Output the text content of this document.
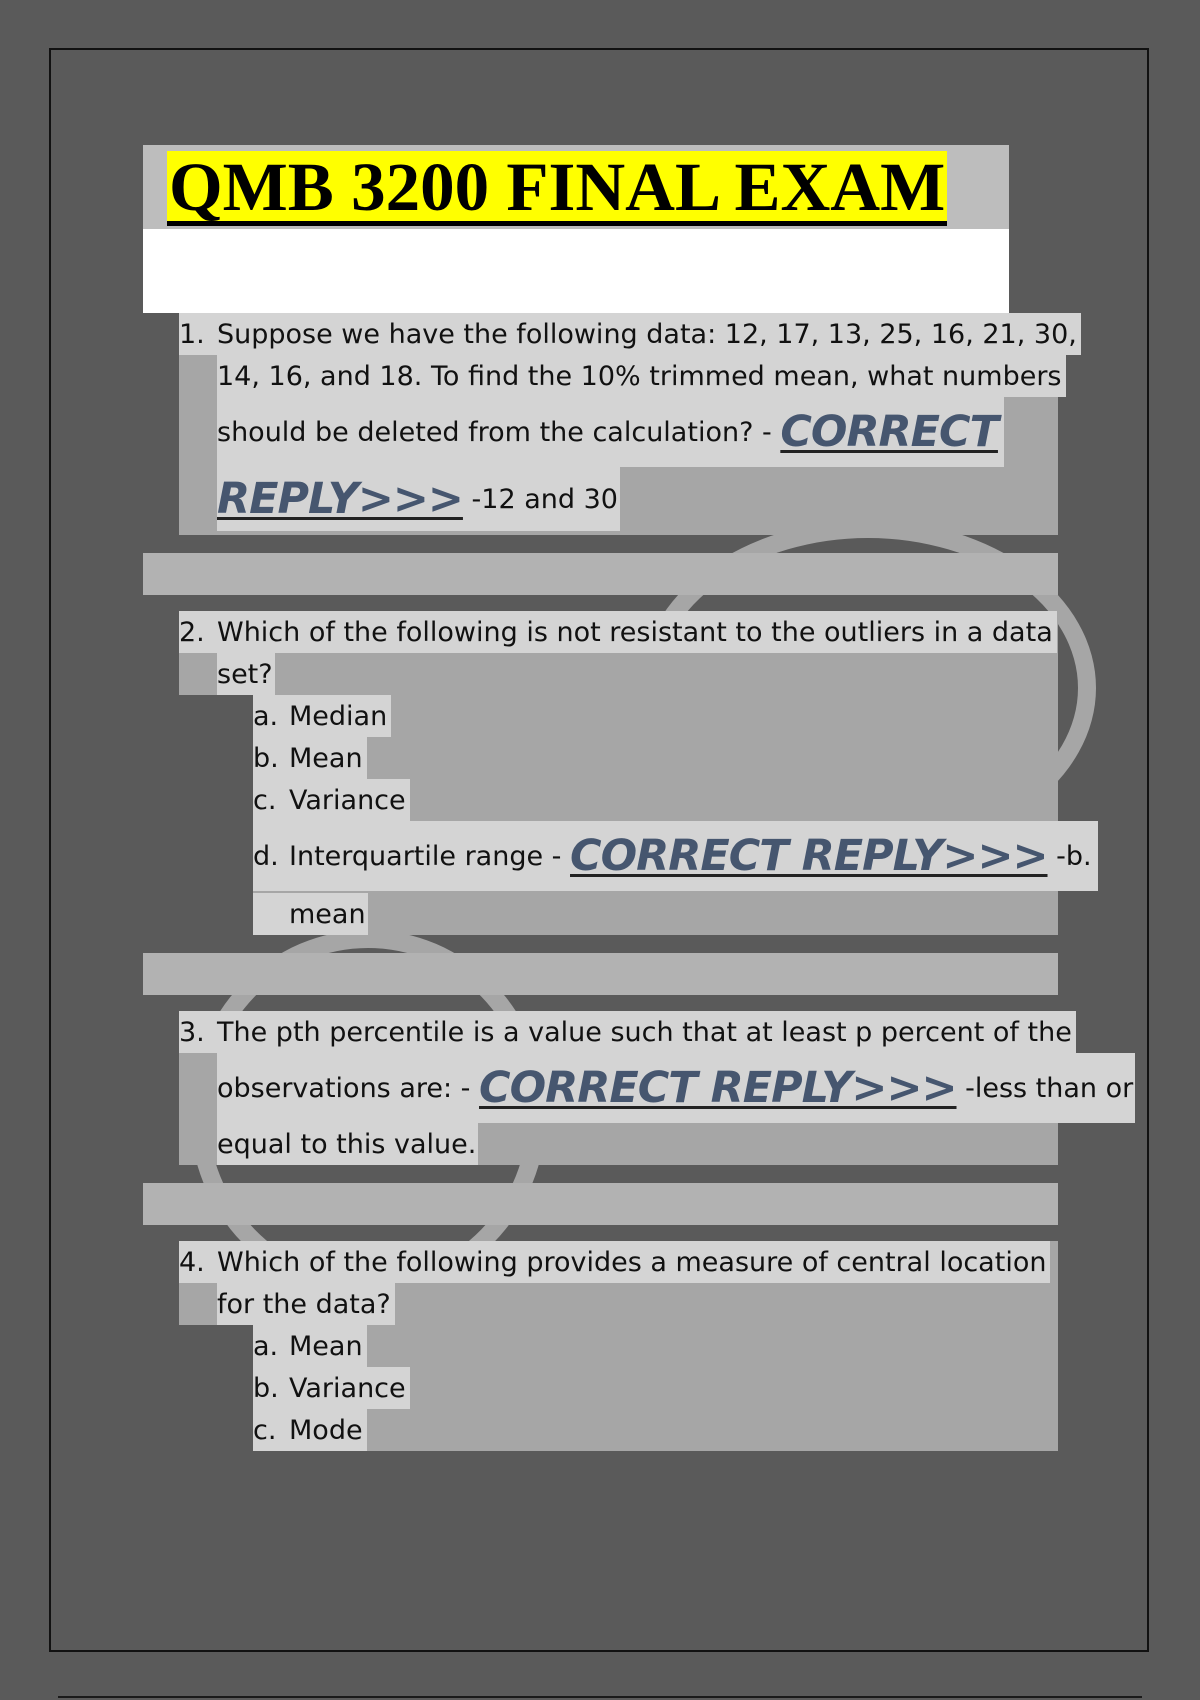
QMB 3200 FINAL EXAM
1. Suppose we have the following data: 12, 17, 13, 25, 16, 21, 30,
14, 16, and 18. To find the 10% trimmed mean, what numbers
should be deleted from the calculation? -
CORRECT
REPLY>>>
-12 and 30
2. Which of the following is not resistant to the outliers in a data
set?
a. Median
b. Mean
c. Variance
d. Interquartile range -
CORRECT REPLY>>>
-b.
mean
3. The pth percentile is a value such that at least p percent of the
observations are: -
CORRECT REPLY>>>
-less than or
equal to this value.
4. Which of the following provides a measure of central location
for the data?
a. Mean
b. Variance
c. Mode
